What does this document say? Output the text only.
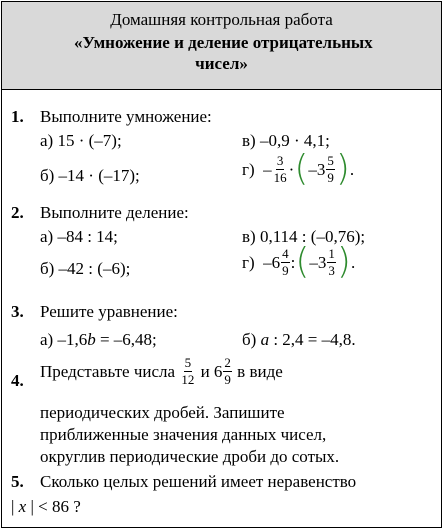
Домашняя контрольная работа
«Умножение и деление отрицательных
чисел»
1. Выполните умножение:
а) 15 · (–7);	в) –0,9 · 4,1;
б) –14 · (–17);	г)
– $\frac{3}{16}$ · ( $-3 \frac{5}{9}$ ) .
2. Выполните деление:
а) –84 : 14;	в) 0,114 : (–0,76);
б) –42 : (–6);	г)
$-6 \frac{4}{9}$ : ( $-3 \frac{1}{3}$ ) .
3. Решите уравнение:
а) –1,6b = –6,48;	б) a : 2,4 = –4,8.
4. Представьте числа
$\frac{5}{12}$
и
$6 \frac{2}{9}$
в виде
периодических дробей. Запишите
приближенные значения данных чисел,
округлив периодические дроби до сотых.
5. Сколько целых решений имеет неравенство
| x | < 86 ?
